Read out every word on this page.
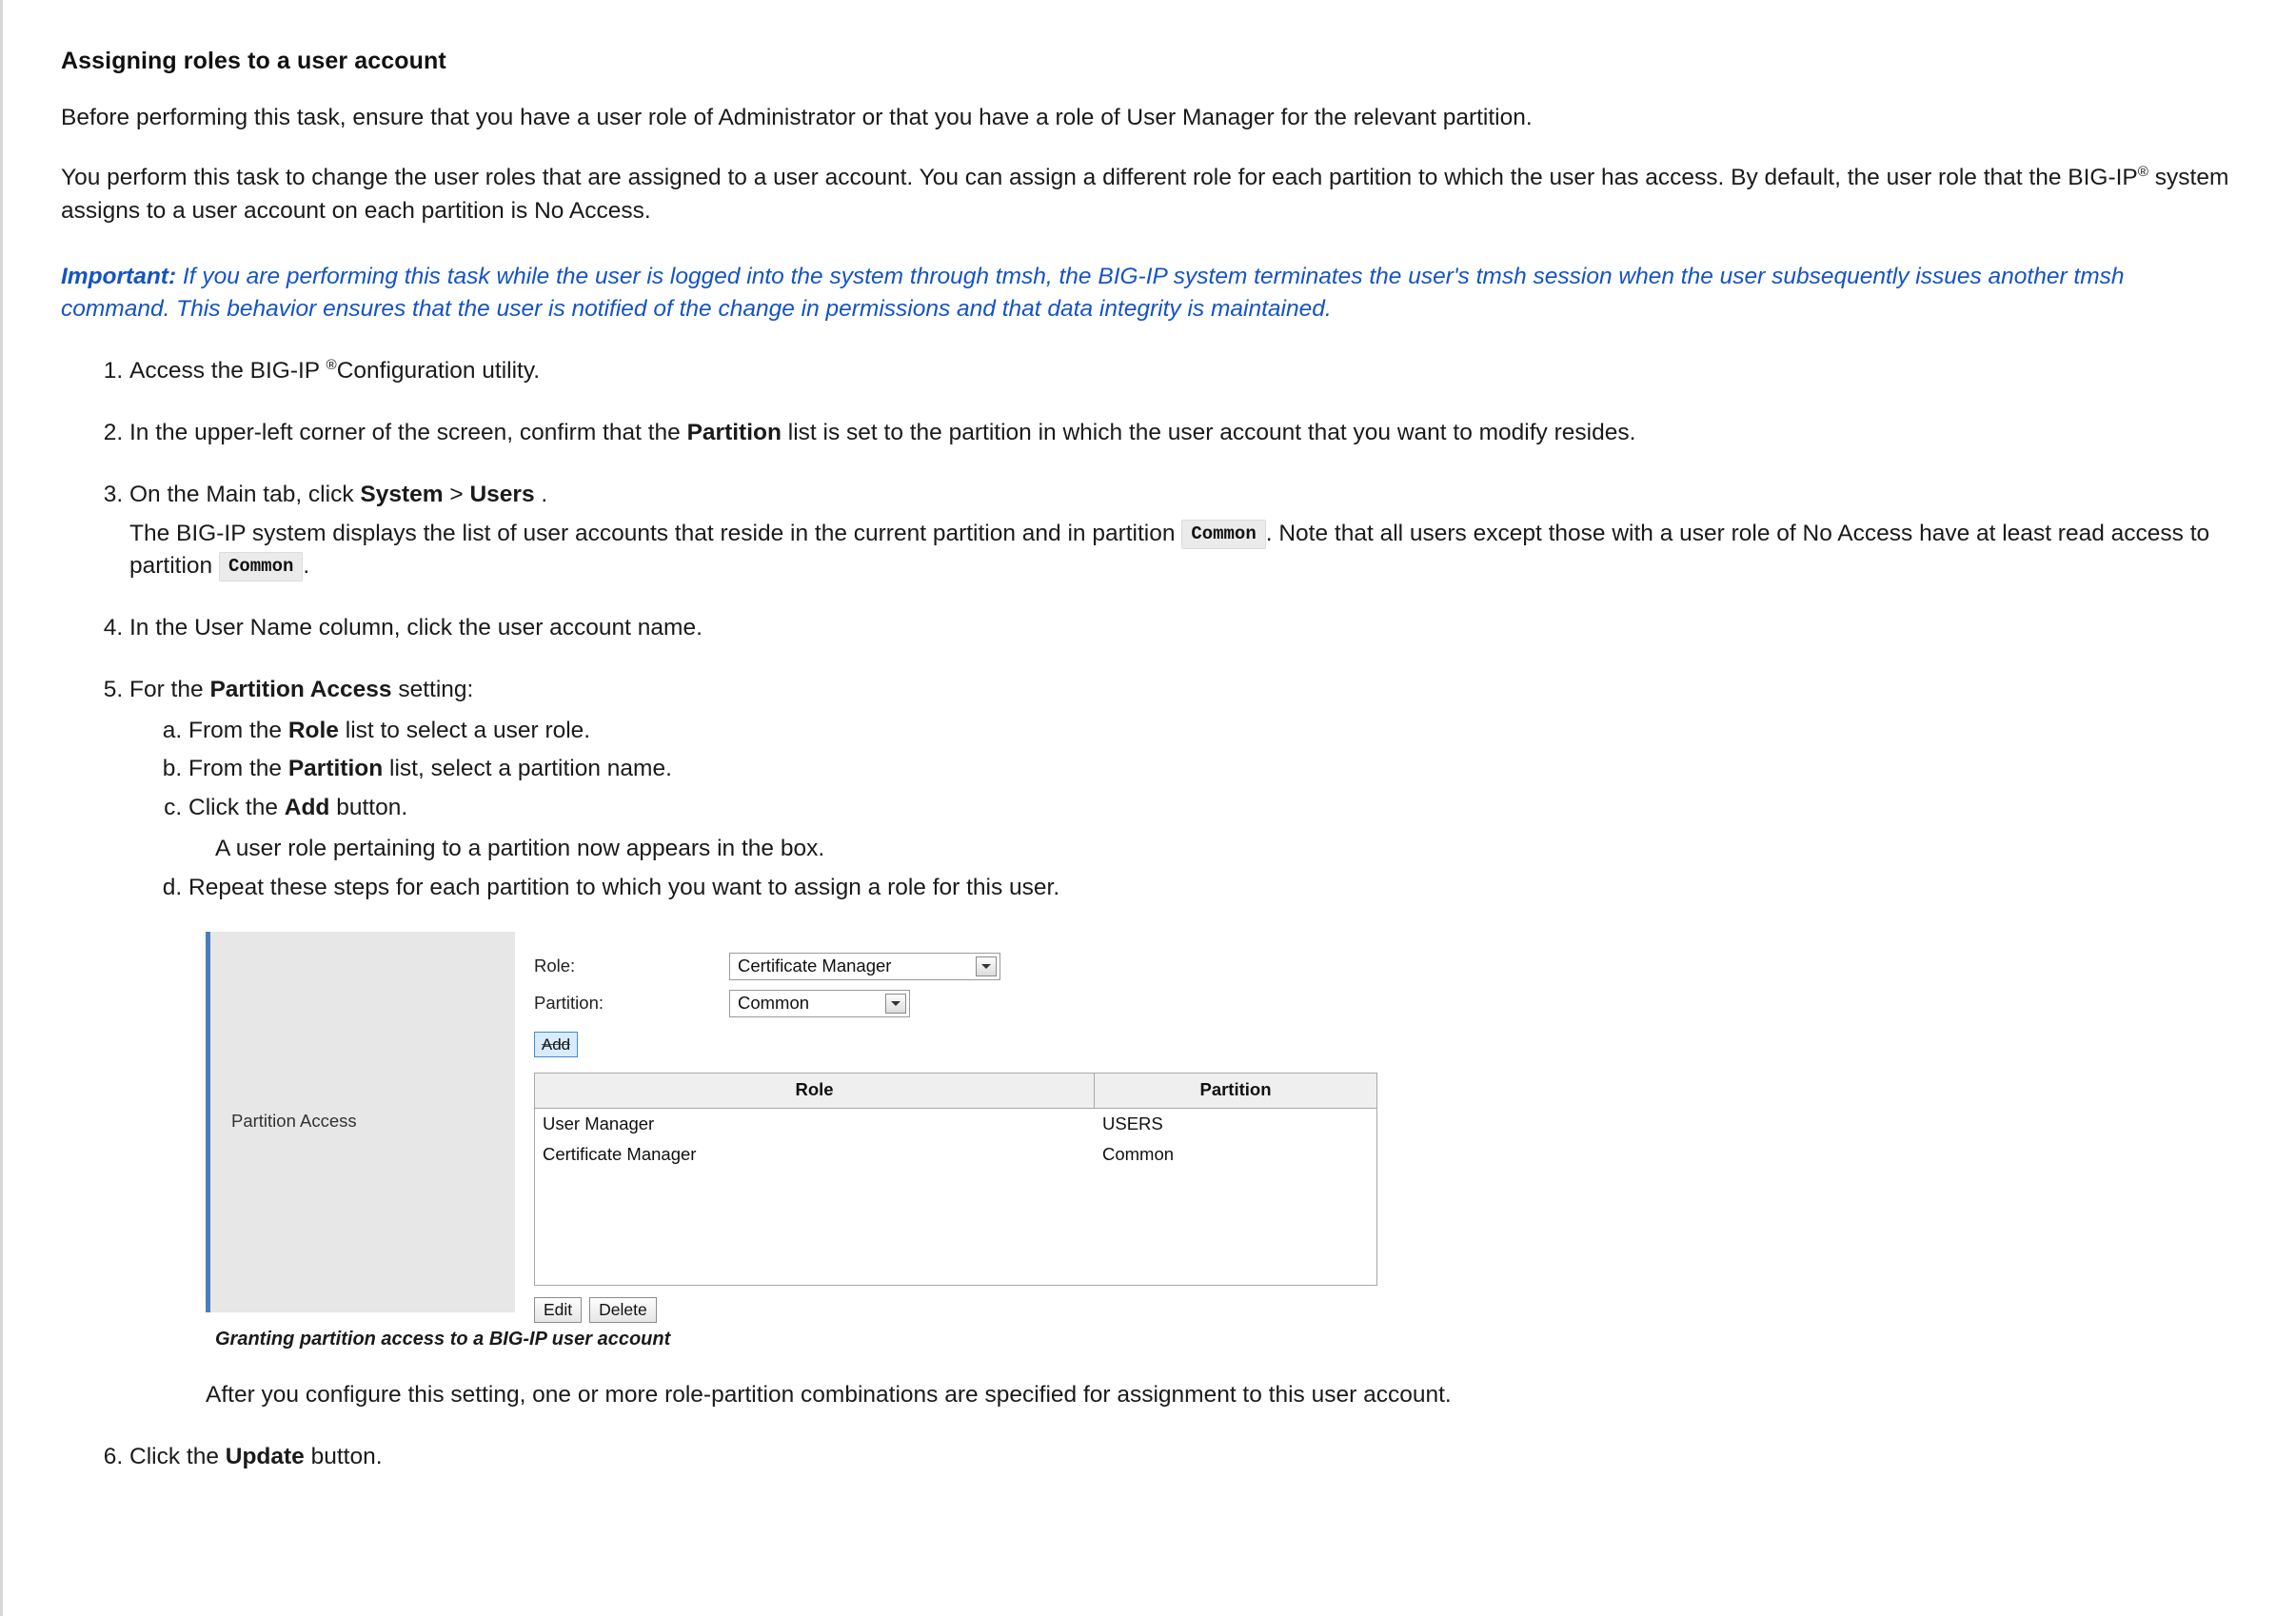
Assigning roles to a user account

Before performing this task, ensure that you have a user role of Administrator or that you have a role of User Manager for the relevant partition.

You perform this task to change the user roles that are assigned to a user account. You can assign a different role for each partition to which the user has access. By default, the user role that the BIG-IP® system assigns to a user account on each partition is No Access.

Important: If you are performing this task while the user is logged into the system through tmsh, the BIG-IP system terminates the user's tmsh session when the user subsequently issues another tmsh command. This behavior ensures that the user is notified of the change in permissions and that data integrity is maintained.

1. Access the BIG-IP ®Configuration utility.
2. In the upper-left corner of the screen, confirm that the Partition list is set to the partition in which the user account that you want to modify resides.
3. On the Main tab, click System > Users .
The BIG-IP system displays the list of user accounts that reside in the current partition and in partition Common . Note that all users except those with a user role of No Access have at least read access to partition Common .
4. In the User Name column, click the user account name.
5. For the Partition Access setting:
a. From the Role list to select a user role.
b. From the Partition list, select a partition name.
c. Click the Add button.
A user role pertaining to a partition now appears in the box.
d. Repeat these steps for each partition to which you want to assign a role for this user.
Partition Access
Role:	Certificate Manager
Partition:	Common
Add
Role	Partition
User Manager	USERS
Certificate Manager	Common
Edit	Delete
Granting partition access to a BIG-IP user account
After you configure this setting, one or more role-partition combinations are specified for assignment to this user account.
6. Click the Update button.
